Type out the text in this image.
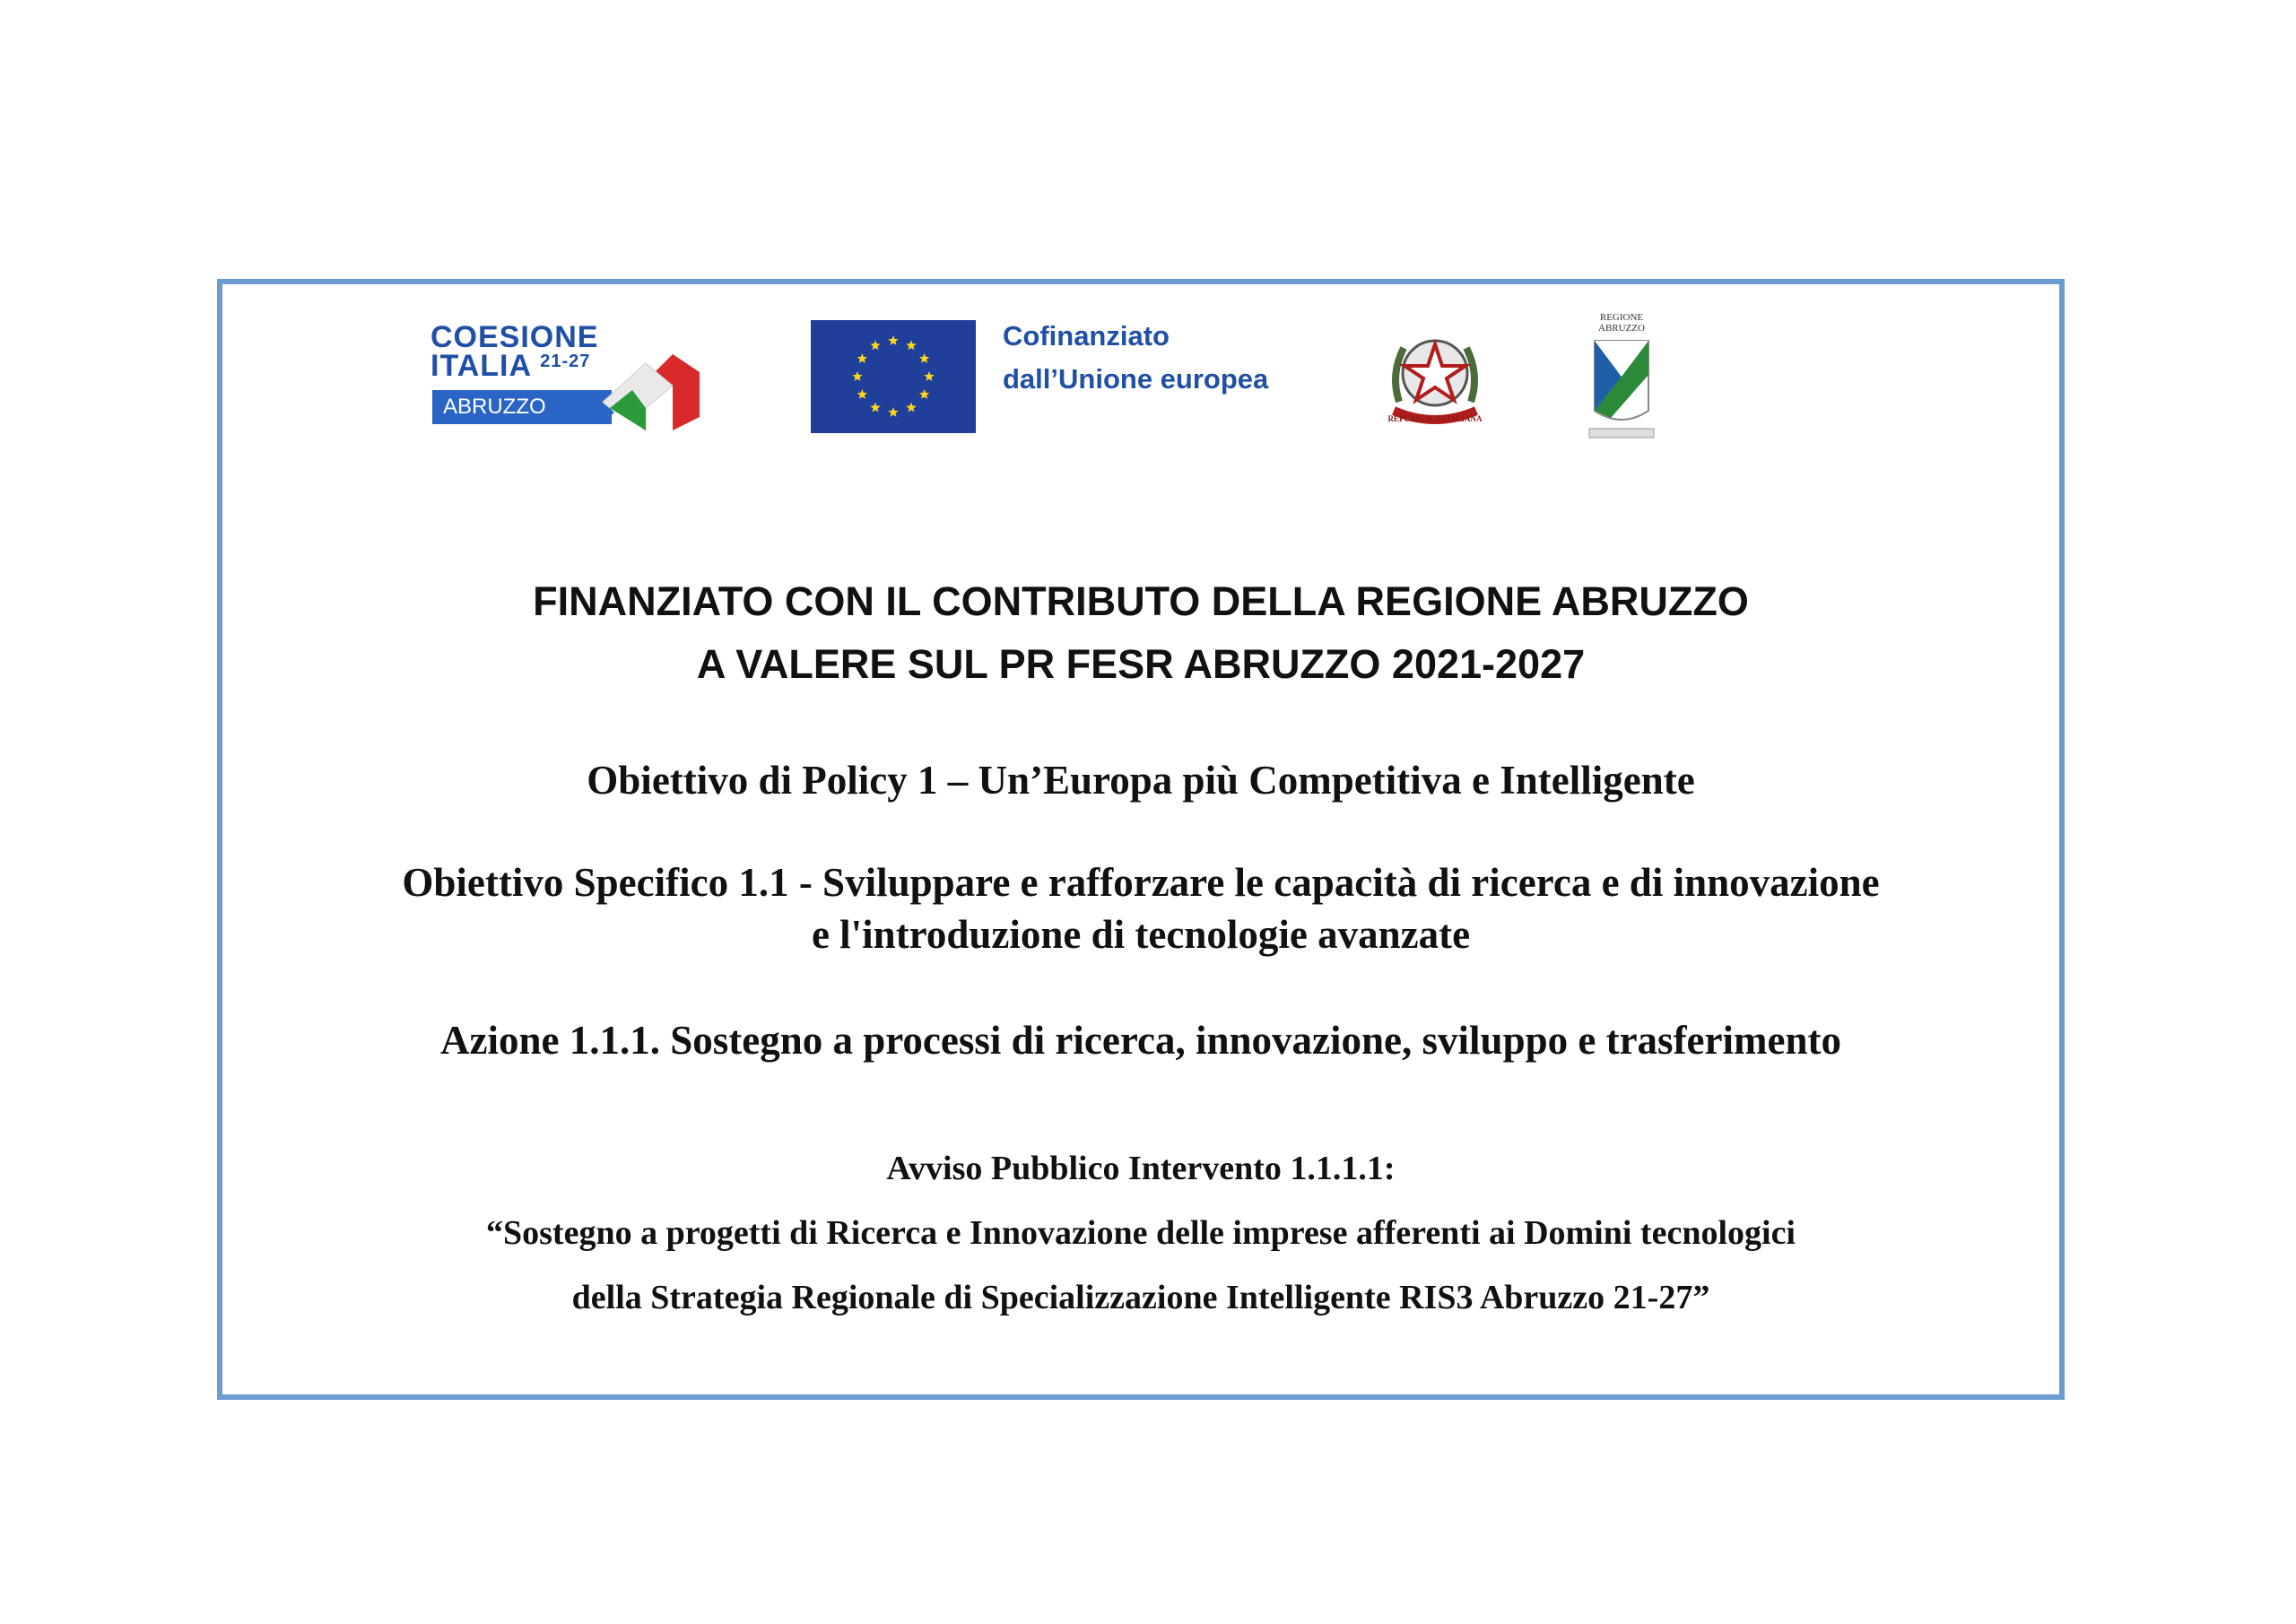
COESIONE
ITALIA $^{21-27}$
ABRUZZO
Cofinanziato
dall’Unione europea
REPUBBLICA ITALIANA
REGIONE
ABRUZZO
FINANZIATO CON IL CONTRIBUTO DELLA REGIONE ABRUZZO
A VALERE SUL PR FESR ABRUZZO 2021-2027
Obiettivo di Policy 1 – Un’Europa più Competitiva e Intelligente
Obiettivo Specifico 1.1 - Sviluppare e rafforzare le capacità di ricerca e di innovazione
e l'introduzione di tecnologie avanzate
Azione 1.1.1. Sostegno a processi di ricerca, innovazione, sviluppo e trasferimento
Avviso Pubblico Intervento 1.1.1.1:
“Sostegno a progetti di Ricerca e Innovazione delle imprese afferenti ai Domini tecnologici
della Strategia Regionale di Specializzazione Intelligente RIS3 Abruzzo 21-27”
